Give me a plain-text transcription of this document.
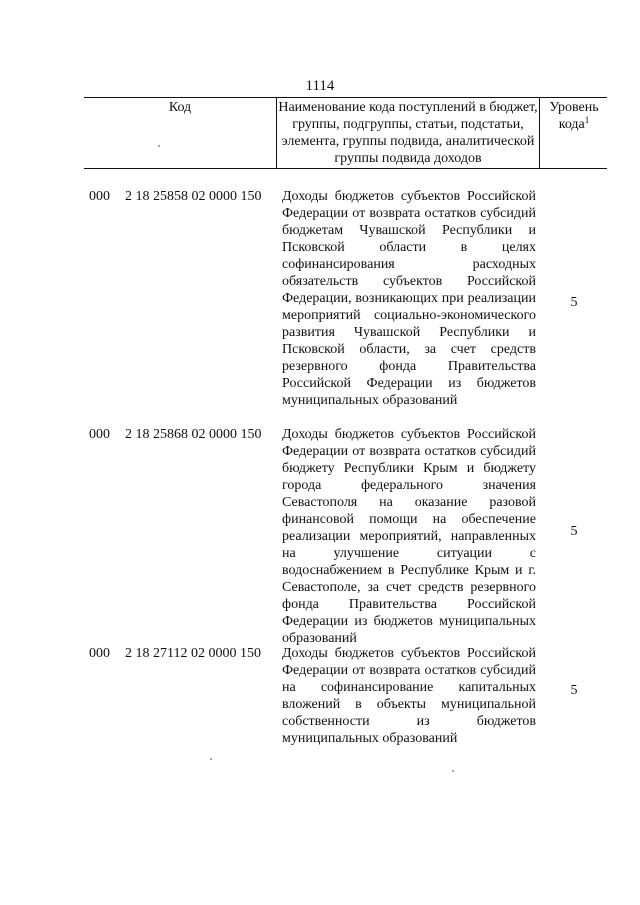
1114
Код	Наименование кода поступлений в бюджет, группы, подгруппы, статьи, подстатьи, элемента, группы подвида, аналитической группы подвида доходов
Уровень кода$^1$
000 2 18 25858 02 0000 150 Доходы бюджетов субъектов Российской Федерации от возврата остатков субсидий бюджетам Чувашской Республики и Псковской области в целях софинансирования расходных обязательств субъектов Российской Федерации, возникающих при реализации мероприятий социально-экономического развития Чувашской Республики и Псковской области, за счет средств резервного фонда Правительства Российской Федерации из бюджетов муниципальных образований
5
000 2 18 25868 02 0000 150 Доходы бюджетов субъектов Российской Федерации от возврата остатков субсидий бюджету Республики Крым и бюджету города федерального значения Севастополя на оказание разовой финансовой помощи на обеспечение реализации мероприятий, направленных на улучшение ситуации с водоснабжением в Республике Крым и г. Севастополе, за счет средств резервного фонда Правительства Российской Федерации из бюджетов муниципальных образований
5
000 2 18 27112 02 0000 150 Доходы бюджетов субъектов Российской Федерации от возврата остатков субсидий на софинансирование капитальных вложений в объекты муниципальной собственности из бюджетов муниципальных образований
5
